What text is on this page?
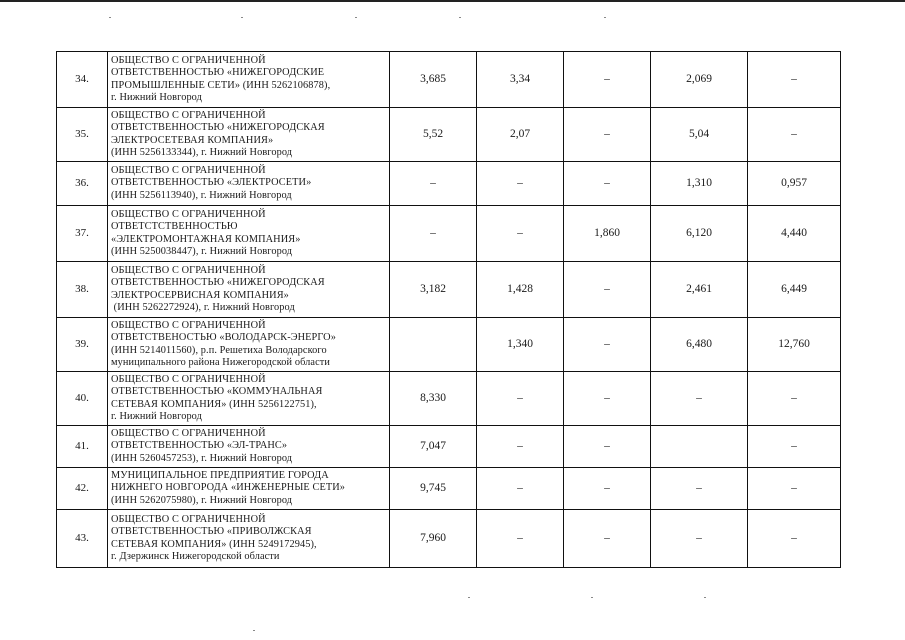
34.	ОБЩЕСТВО С ОГРАНИЧЕННОЙ
ОТВЕТСТВЕННОСТЬЮ «НИЖЕГОРОДСКИЕ
ПРОМЫШЛЕННЫЕ СЕТИ» (ИНН 5262106878),
г. Нижний Новгород	3,685	3,34	–	2,069	–
35.	ОБЩЕСТВО С ОГРАНИЧЕННОЙ
ОТВЕТСТВЕННОСТЬЮ «НИЖЕГОРОДСКАЯ
ЭЛЕКТРОСЕТЕВАЯ КОМПАНИЯ»
(ИНН 5256133344), г. Нижний Новгород	5,52	2,07	–	5,04	–
36.	ОБЩЕСТВО С ОГРАНИЧЕННОЙ
ОТВЕТСТВЕННОСТЬЮ «ЭЛЕКТРОСЕТИ»
(ИНН 5256113940), г. Нижний Новгород	–	–	–	1,310	0,957
37.	ОБЩЕСТВО С ОГРАНИЧЕННОЙ
ОТВЕТСТСТВЕННОСТЬЮ
«ЭЛЕКТРОМОНТАЖНАЯ КОМПАНИЯ»
(ИНН 5250038447), г. Нижний Новгород	–	–	1,860	6,120	4,440
38.	ОБЩЕСТВО С ОГРАНИЧЕННОЙ
ОТВЕТСТВЕННОСТЬЮ «НИЖЕГОРОДСКАЯ
ЭЛЕКТРОСЕРВИСНАЯ КОМПАНИЯ»
(ИНН 5262272924), г. Нижний Новгород	3,182	1,428	–	2,461	6,449
39.	ОБЩЕСТВО С ОГРАНИЧЕННОЙ
ОТВЕТСТВЕНОСТЬЮ «ВОЛОДАРСК-ЭНЕРГО»
(ИНН 5214011560), р.п. Решетиха Володарского
муниципального района Нижегородской области		1,340	–	6,480	12,760
40.	ОБЩЕСТВО С ОГРАНИЧЕННОЙ
ОТВЕТСТВЕННОСТЬЮ «КОММУНАЛЬНАЯ
СЕТЕВАЯ КОМПАНИЯ» (ИНН 5256122751),
г. Нижний Новгород	8,330	–	–	–	–
41.	ОБЩЕСТВО С ОГРАНИЧЕННОЙ
ОТВЕТСТВЕННОСТЬЮ «ЭЛ-ТРАНС»
(ИНН 5260457253), г. Нижний Новгород	7,047	–	–		–
42.	МУНИЦИПАЛЬНОЕ ПРЕДПРИЯТИЕ ГОРОДА
НИЖНЕГО НОВГОРОДА «ИНЖЕНЕРНЫЕ СЕТИ»
(ИНН 5262075980), г. Нижний Новгород	9,745	–	–	–	–
43.	ОБЩЕСТВО С ОГРАНИЧЕННОЙ
ОТВЕТСТВЕННОСТЬЮ «ПРИВОЛЖСКАЯ
СЕТЕВАЯ КОМПАНИЯ» (ИНН 5249172945),
г. Дзержинск Нижегородской области	7,960	–	–	–	–
